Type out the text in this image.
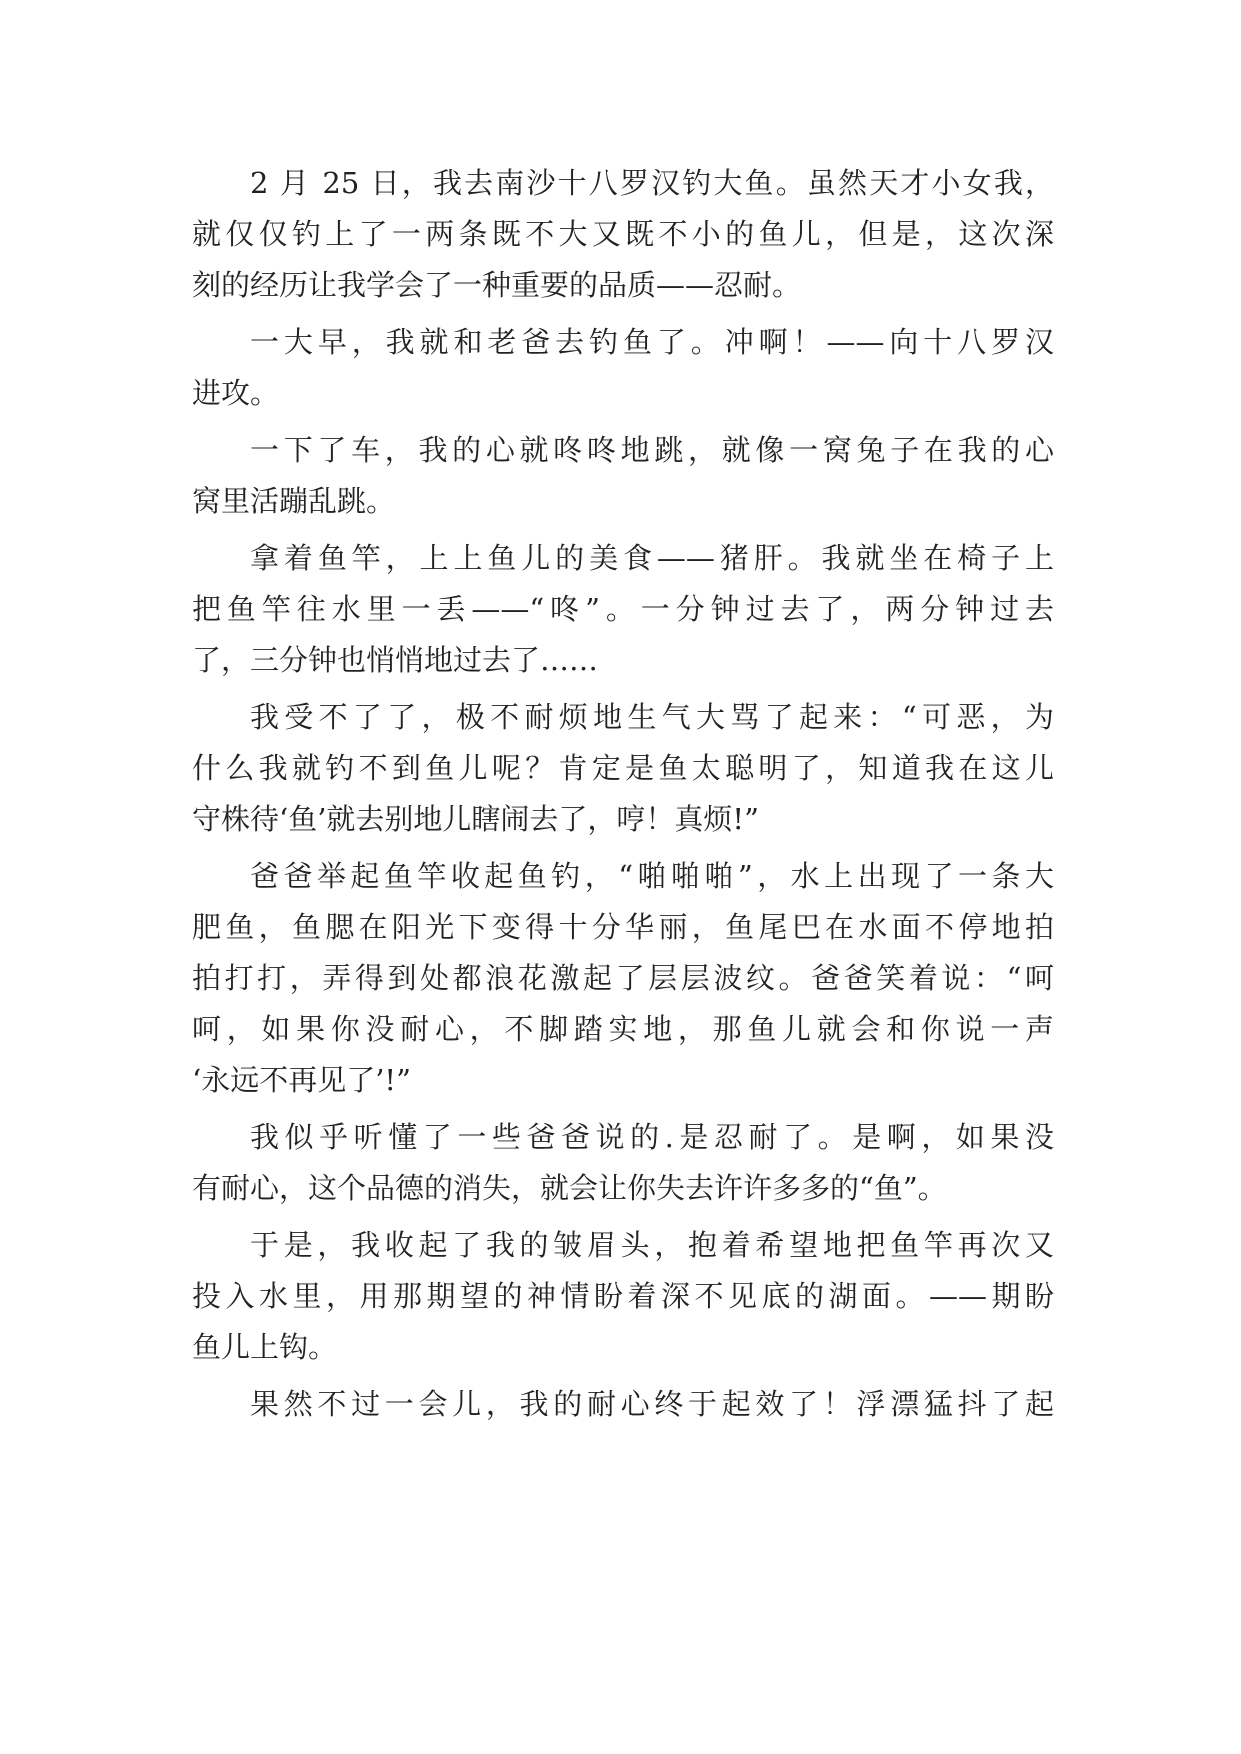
2 月 25 日，我去南沙十八罗汉钓大鱼。虽然天才小女我，
就仅仅钓上了一两条既不大又既不小的鱼儿，但是，这次深
刻的经历让我学会了一种重要的品质——忍耐。
一大早，我就和老爸去钓鱼了。冲啊！——向十八罗汉
进攻。
一下了车，我的心就咚咚地跳，就像一窝兔子在我的心
窝里活蹦乱跳。
拿着鱼竿，上上鱼儿的美食——猪肝。我就坐在椅子上
把鱼竿往水里一丢——“咚”。一分钟过去了，两分钟过去
了，三分钟也悄悄地过去了……
我受不了了，极不耐烦地生气大骂了起来：“可恶，为
什么我就钓不到鱼儿呢？肯定是鱼太聪明了，知道我在这儿
守株待‘鱼’就去别地儿瞎闹去了，哼！真烦!”
爸爸举起鱼竿收起鱼钓，“啪啪啪”，水上出现了一条大
肥鱼，鱼腮在阳光下变得十分华丽，鱼尾巴在水面不停地拍
拍打打，弄得到处都浪花激起了层层波纹。爸爸笑着说：“呵
呵，如果你没耐心，不脚踏实地，那鱼儿就会和你说一声
‘永远不再见了’!”
我似乎听懂了一些爸爸说的.是忍耐了。是啊，如果没
有耐心，这个品德的消失，就会让你失去许许多多的“鱼”。
于是，我收起了我的皱眉头，抱着希望地把鱼竿再次又
投入水里，用那期望的神情盼着深不见底的湖面。——期盼
鱼儿上钩。
果然不过一会儿，我的耐心终于起效了！浮漂猛抖了起
